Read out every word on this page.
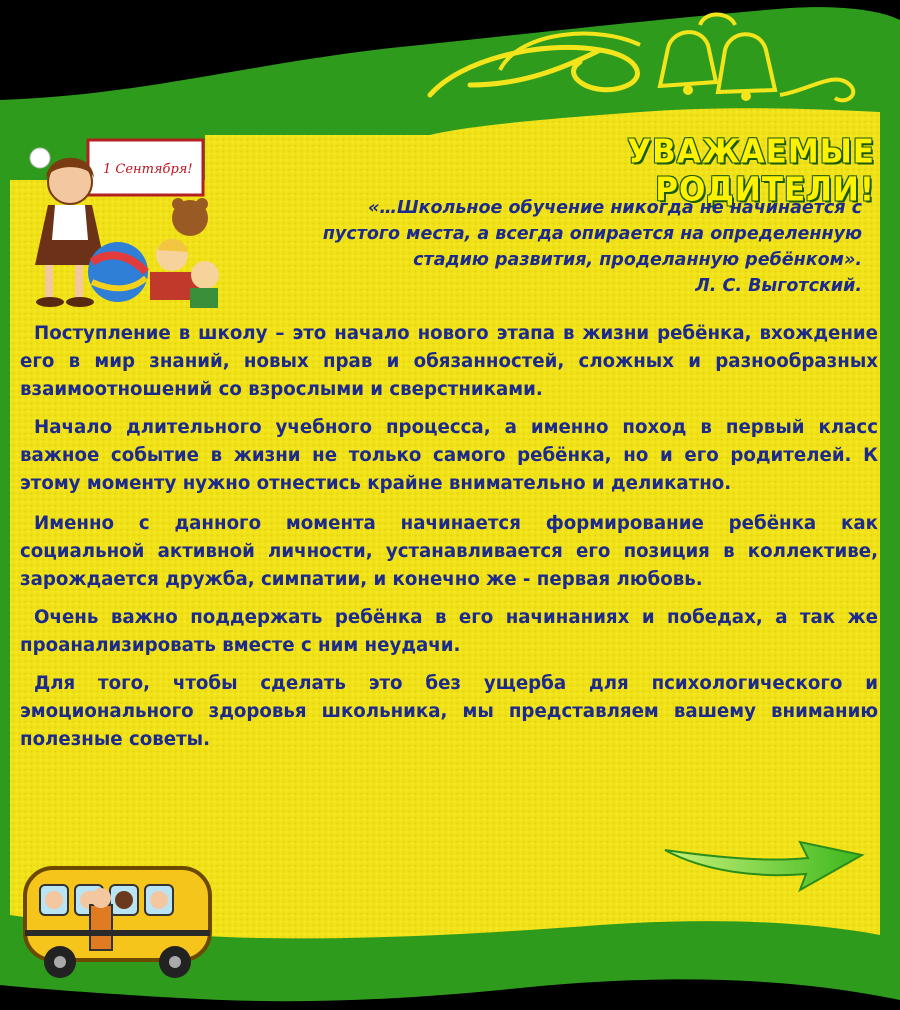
1 Сентября!	УВАЖАЕМЫЕ РОДИТЕЛИ!
«…Школьное обучение никогда не начинается с
пустого места, а всегда опирается на определенную
стадию развития, проделанную ребёнком».
Л. С. Выготский.

Поступление в школу – это начало нового этапа в жизни ребёнка, вхождение его в мир знаний, новых прав и обязанностей, сложных и разнообразных взаимоотношений со взрослыми и сверстниками.

Начало длительного учебного процесса, а именно поход в первый класс важное событие в жизни не только самого ребёнка, но и его родителей. К этому моменту нужно отнестись крайне внимательно и деликатно.

Именно с данного момента начинается формирование ребёнка как социальной активной личности, устанавливается его позиция в коллективе, зарождается дружба, симпатии, и конечно же - первая любовь.

Очень важно поддержать ребёнка в его начинаниях и победах, а так же проанализировать вместе с ним неудачи.

Для того, чтобы сделать это без ущерба для психологического и эмоционального здоровья школьника, мы представляем вашему вниманию полезные советы.
